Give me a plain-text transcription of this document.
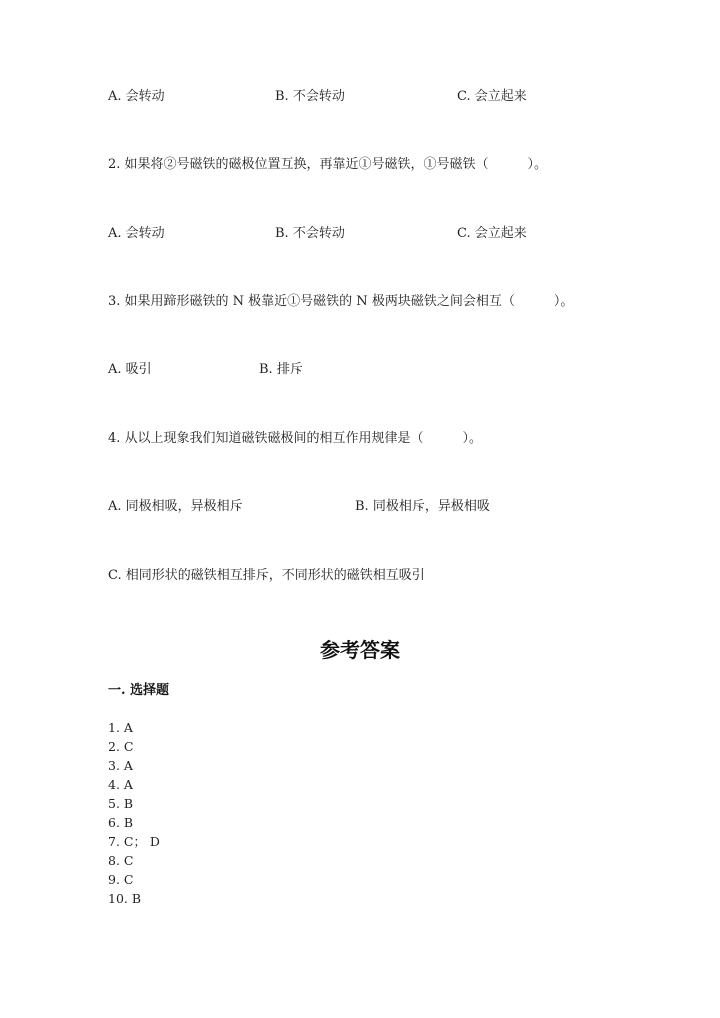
A. 会转动	B. 不会转动	C. 会立起来
2. 如果将②号磁铁的磁极位置互换，再靠近①号磁铁，①号磁铁（　　　）。
A. 会转动	B. 不会转动	C. 会立起来
3. 如果用蹄形磁铁的 N 极靠近①号磁铁的 N 极两块磁铁之间会相互（　　　）。
A. 吸引	B. 排斥
4. 从以上现象我们知道磁铁磁极间的相互作用规律是（　　　）。
A. 同极相吸，异极相斥	B. 同极相斥，异极相吸
C. 相同形状的磁铁相互排斥，不同形状的磁铁相互吸引
参考答案
一. 选择题
1. A
2. C
3. A
4. A
5. B
6. B
7. C； D
8. C
9. C
10. B
